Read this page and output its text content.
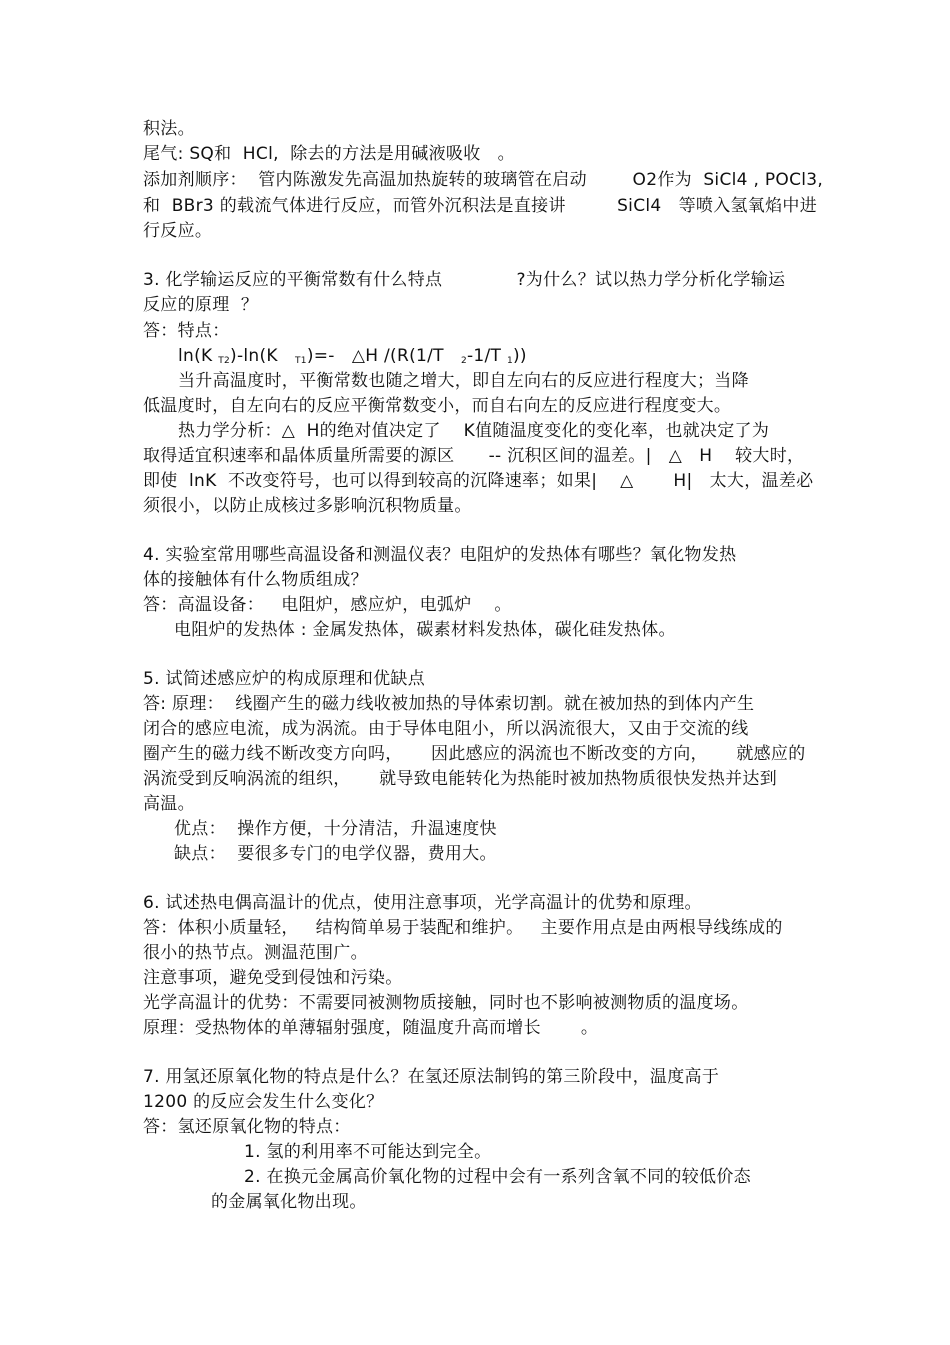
积法。
尾气: SQ和  HCl,  除去的方法是用碱液吸收   。
添加剂顺序：  管内陈激发先高温加热旋转的玻璃管在启动        O2作为  SiCl4 , POCl3,
和  BBr3 的载流气体进行反应，而管外沉积法是直接讲         SiCl4   等喷入氢氧焰中进
行反应。
3. 化学输运反应的平衡常数有什么特点             ?为什么？试以热力学分析化学输运
反应的原理  ？
答：特点：
ln(K $_{T2}$)-ln(K   $_{T1}$)=-   △H /(R(1/T   $_2$-1/T $_1$))
当升高温度时，平衡常数也随之增大，即自左向右的反应进行程度大；当降
低温度时，自左向右的反应平衡常数变小，而自右向左的反应进行程度变大。
热力学分析：△  H的绝对值决定了    K值随温度变化的变化率，也就决定了为
取得适宜积速率和晶体质量所需要的源区      -- 沉积区间的温差。|   △   H    较大时，
即使  lnK  不改变符号，也可以得到较高的沉降速率；如果|    △       H|   太大，温差必
须很小，以防止成核过多影响沉积物质量。
4. 实验室常用哪些高温设备和测温仪表？电阻炉的发热体有哪些？氧化物发热
体的接触体有什么物质组成？
答：高温设备：   电阻炉，感应炉，电弧炉    。
电阻炉的发热体 : 金属发热体，碳素材料发热体，碳化硅发热体。
5. 试简述感应炉的构成原理和优缺点
答: 原理：  线圈产生的磁力线收被加热的导体索切割。就在被加热的到体内产生
闭合的感应电流，成为涡流。由于导体电阻小，所以涡流很大，又由于交流的线
圈产生的磁力线不断改变方向吗，     因此感应的涡流也不断改变的方向，     就感应的
涡流受到反响涡流的组织，     就导致电能转化为热能时被加热物质很快发热并达到
高温。
优点：  操作方便，十分清洁，升温速度快
缺点：  要很多专门的电学仪器，费用大。
6. 试述热电偶高温计的优点，使用注意事项，光学高温计的优势和原理。
答：体积小质量轻，   结构简单易于装配和维护。   主要作用点是由两根导线练成的
很小的热节点。测温范围广。
注意事项，避免受到侵蚀和污染。
光学高温计的优势：不需要同被测物质接触，同时也不影响被测物质的温度场。
原理：受热物体的单薄辐射强度，随温度升高而增长       。
7. 用氢还原氧化物的特点是什么？在氢还原法制钨的第三阶段中，温度高于
1200 的反应会发生什么变化？
答：氢还原氧化物的特点：
1. 氢的利用率不可能达到完全。
2. 在换元金属高价氧化物的过程中会有一系列含氧不同的较低价态
的金属氧化物出现。
